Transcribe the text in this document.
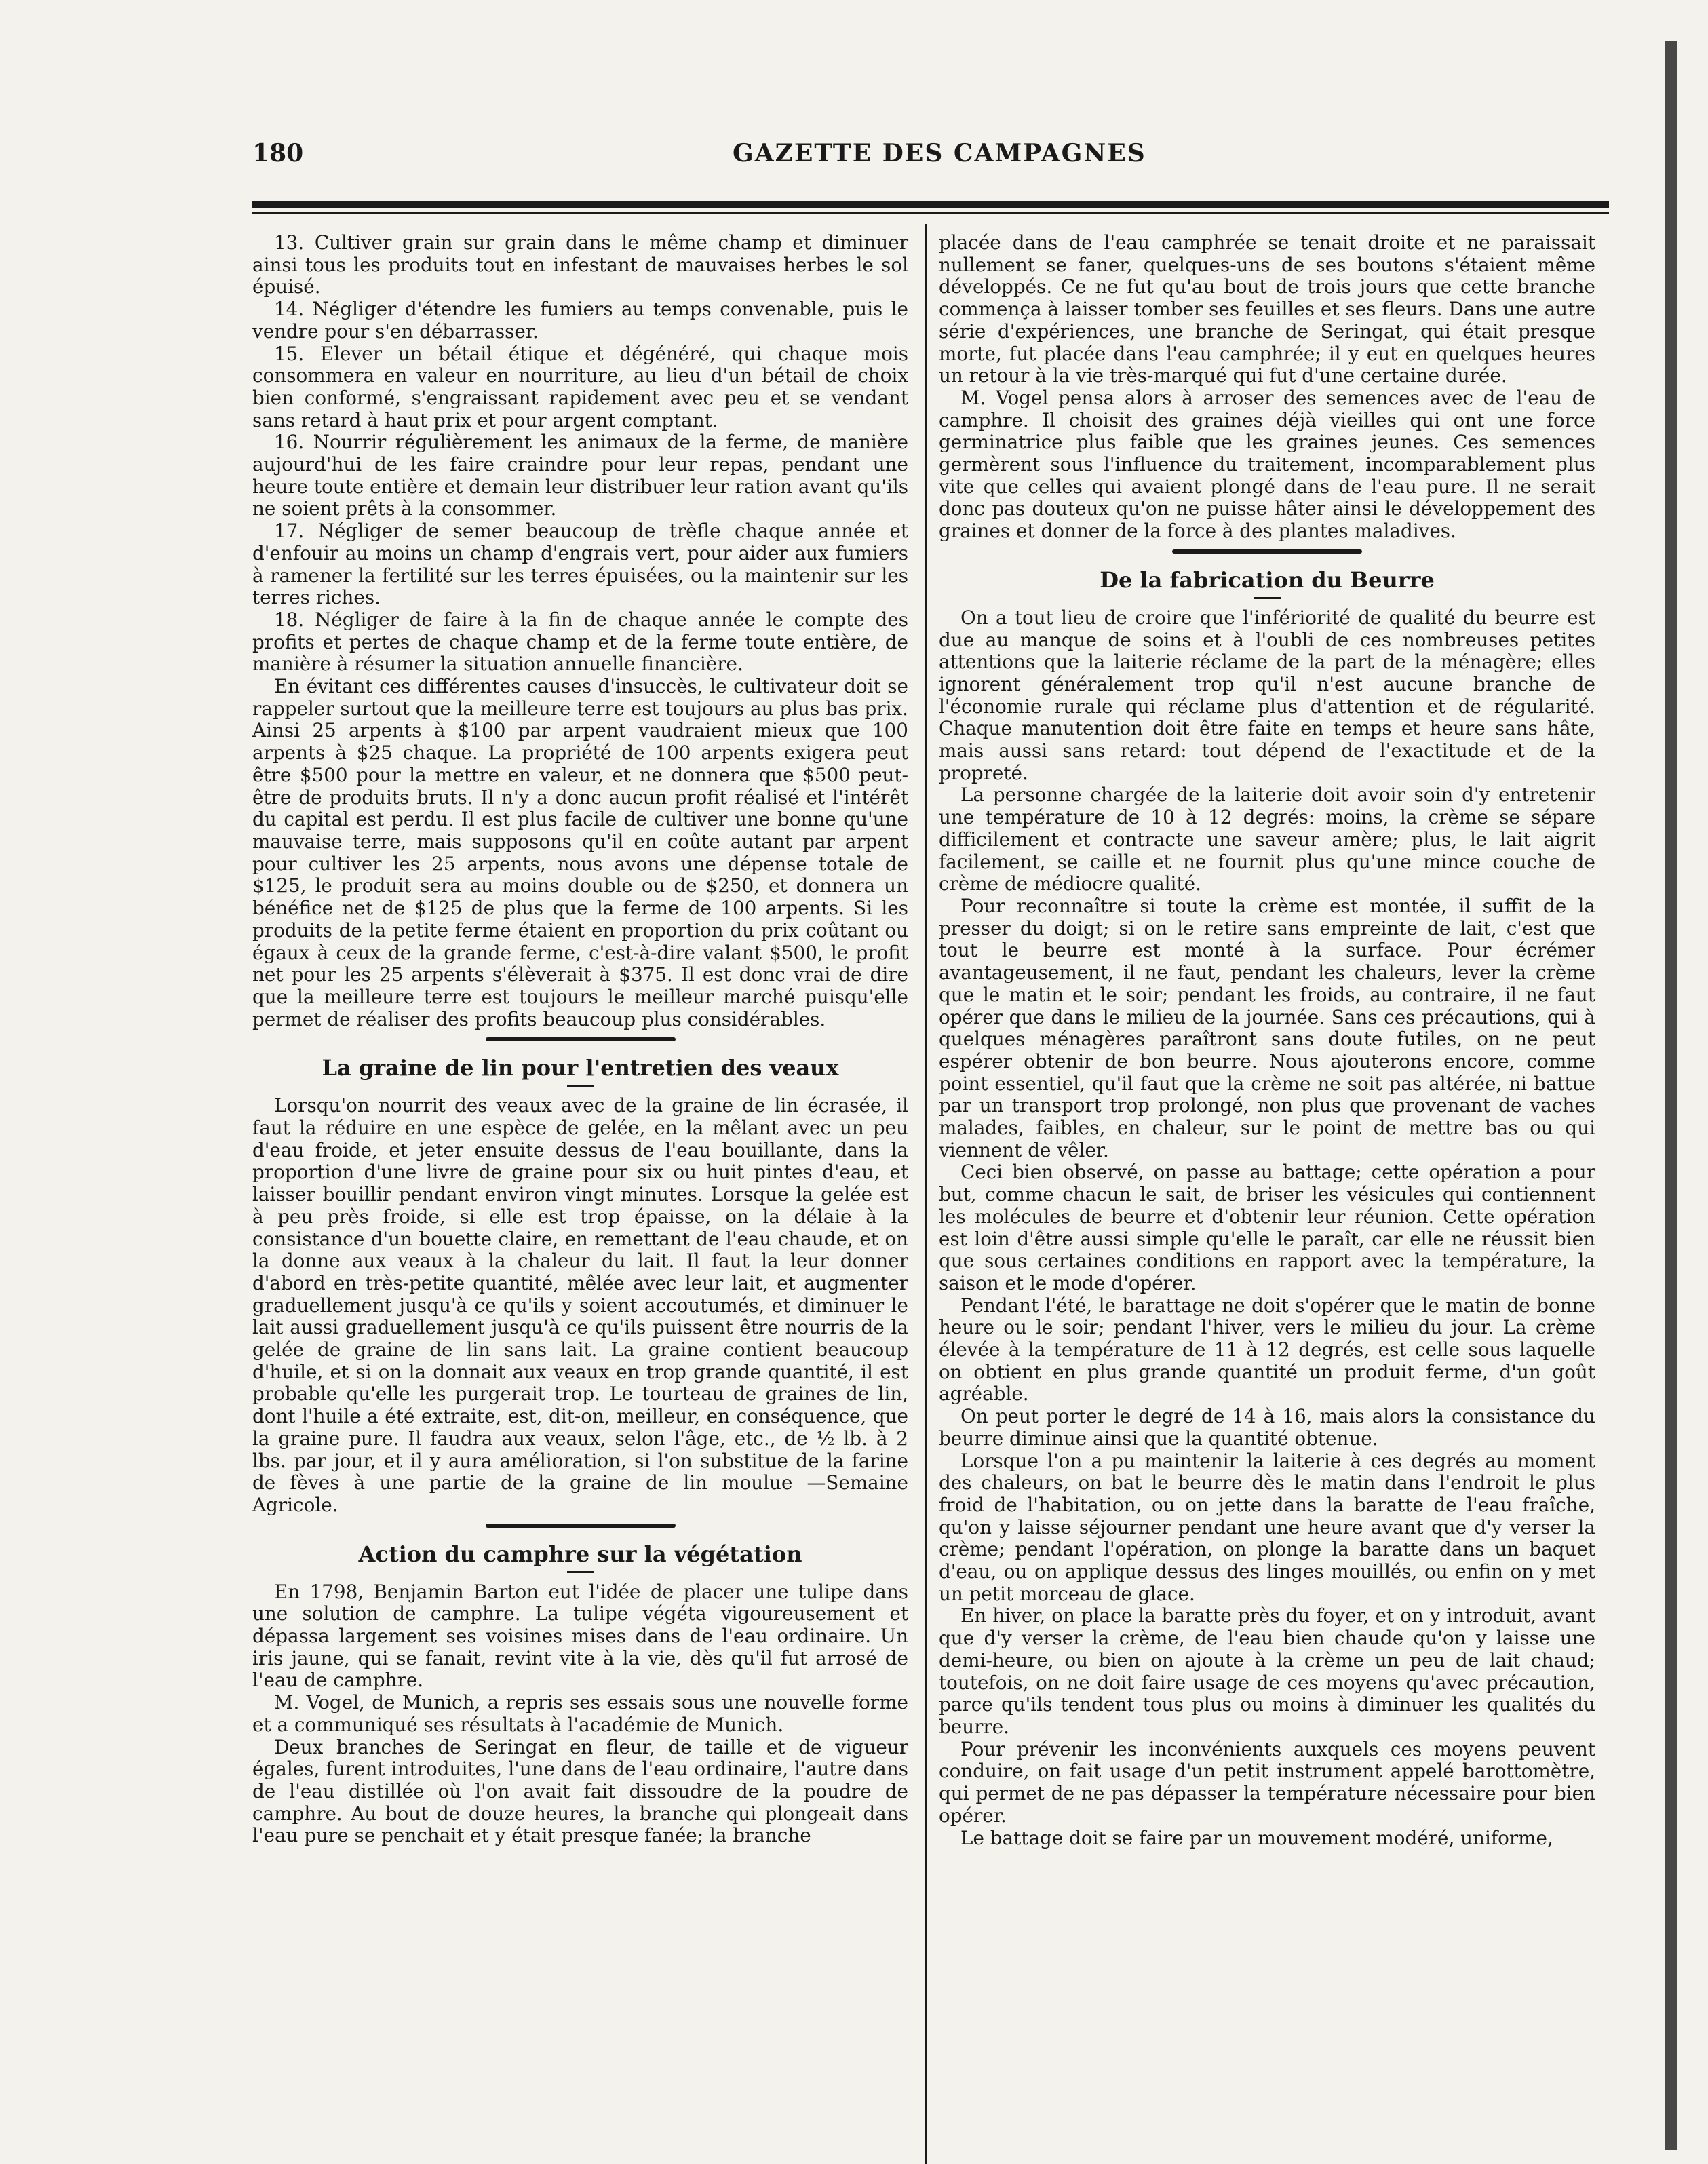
180	GAZETTE DES CAMPAGNES

13. Cultiver grain sur grain dans le même champ et diminuer ainsi tous les produits tout en infestant de mauvaises herbes le sol épuisé.

14. Négliger d'étendre les fumiers au temps convenable, puis le vendre pour s'en débarrasser.

15. Elever un bétail étique et dégénéré, qui chaque mois consommera en valeur en nourriture, au lieu d'un bétail de choix bien conformé, s'engraissant rapidement avec peu et se vendant sans retard à haut prix et pour argent comptant.

16. Nourrir régulièrement les animaux de la ferme, de manière aujourd'hui de les faire craindre pour leur repas, pendant une heure toute entière et demain leur distribuer leur ration avant qu'ils ne soient prêts à la consommer.

17. Négliger de semer beaucoup de trèfle chaque année et d'enfouir au moins un champ d'engrais vert, pour aider aux fumiers à ramener la fertilité sur les terres épuisées, ou la maintenir sur les terres riches.

18. Négliger de faire à la fin de chaque année le compte des profits et pertes de chaque champ et de la ferme toute entière, de manière à résumer la situation annuelle financière.

En évitant ces différentes causes d'insuccès, le cultivateur doit se rappeler surtout que la meilleure terre est toujours au plus bas prix. Ainsi 25 arpents à $100 par arpent vaudraient mieux que 100 arpents à $25 chaque. La propriété de 100 arpents exigera peut être $500 pour la mettre en valeur, et ne donnera que $500 peut-être de produits bruts. Il n'y a donc aucun profit réalisé et l'intérêt du capital est perdu. Il est plus facile de cultiver une bonne qu'une mauvaise terre, mais supposons qu'il en coûte autant par arpent pour cultiver les 25 arpents, nous avons une dépense totale de $125, le produit sera au moins double ou de $250, et donnera un bénéfice net de $125 de plus que la ferme de 100 arpents. Si les produits de la petite ferme étaient en proportion du prix coûtant ou égaux à ceux de la grande ferme, c'est-à-dire valant $500, le profit net pour les 25 arpents s'élèverait à $375. Il est donc vrai de dire que la meilleure terre est toujours le meilleur marché puisqu'elle permet de réaliser des profits beaucoup plus considérables.

La graine de lin pour l'entretien des veaux

Lorsqu'on nourrit des veaux avec de la graine de lin écrasée, il faut la réduire en une espèce de gelée, en la mêlant avec un peu d'eau froide, et jeter ensuite dessus de l'eau bouillante, dans la proportion d'une livre de graine pour six ou huit pintes d'eau, et laisser bouillir pendant environ vingt minutes. Lorsque la gelée est à peu près froide, si elle est trop épaisse, on la délaie à la consistance d'un bouette claire, en remettant de l'eau chaude, et on la donne aux veaux à la chaleur du lait. Il faut la leur donner d'abord en très-petite quantité, mêlée avec leur lait, et augmenter graduellement jusqu'à ce qu'ils y soient accoutumés, et diminuer le lait aussi graduellement jusqu'à ce qu'ils puissent être nourris de la gelée de graine de lin sans lait. La graine contient beaucoup d'huile, et si on la donnait aux veaux en trop grande quantité, il est probable qu'elle les purgerait trop. Le tourteau de graines de lin, dont l'huile a été extraite, est, dit-on, meilleur, en conséquence, que la graine pure. Il faudra aux veaux, selon l'âge, etc., de ½ lb. à 2 lbs. par jour, et il y aura amélioration, si l'on substitue de la farine de fèves à une partie de la graine de lin moulue —Semaine Agricole.

Action du camphre sur la végétation

En 1798, Benjamin Barton eut l'idée de placer une tulipe dans une solution de camphre. La tulipe végéta vigoureusement et dépassa largement ses voisines mises dans de l'eau ordinaire. Un iris jaune, qui se fanait, revint vite à la vie, dès qu'il fut arrosé de l'eau de camphre.

M. Vogel, de Munich, a repris ses essais sous une nouvelle forme et a communiqué ses résultats à l'académie de Munich.

Deux branches de Seringat en fleur, de taille et de vigueur égales, furent introduites, l'une dans de l'eau ordinaire, l'autre dans de l'eau distillée où l'on avait fait dissoudre de la poudre de camphre. Au bout de douze heures, la branche qui plongeait dans l'eau pure se penchait et y était presque fanée; la branche

placée dans de l'eau camphrée se tenait droite et ne paraissait nullement se faner, quelques-uns de ses boutons s'étaient même développés. Ce ne fut qu'au bout de trois jours que cette branche commença à laisser tomber ses feuilles et ses fleurs. Dans une autre série d'expériences, une branche de Seringat, qui était presque morte, fut placée dans l'eau camphrée; il y eut en quelques heures un retour à la vie très-marqué qui fut d'une certaine durée.

M. Vogel pensa alors à arroser des semences avec de l'eau de camphre. Il choisit des graines déjà vieilles qui ont une force germinatrice plus faible que les graines jeunes. Ces semences germèrent sous l'influence du traitement, incomparablement plus vite que celles qui avaient plongé dans de l'eau pure. Il ne serait donc pas douteux qu'on ne puisse hâter ainsi le développement des graines et donner de la force à des plantes maladives.

De la fabrication du Beurre

On a tout lieu de croire que l'infériorité de qualité du beurre est due au manque de soins et à l'oubli de ces nombreuses petites attentions que la laiterie réclame de la part de la ménagère; elles ignorent généralement trop qu'il n'est aucune branche de l'économie rurale qui réclame plus d'attention et de régularité. Chaque manutention doit être faite en temps et heure sans hâte, mais aussi sans retard: tout dépend de l'exactitude et de la propreté.

La personne chargée de la laiterie doit avoir soin d'y entretenir une température de 10 à 12 degrés: moins, la crème se sépare difficilement et contracte une saveur amère; plus, le lait aigrit facilement, se caille et ne fournit plus qu'une mince couche de crème de médiocre qualité.

Pour reconnaître si toute la crème est montée, il suffit de la presser du doigt; si on le retire sans empreinte de lait, c'est que tout le beurre est monté à la surface. Pour écrémer avantageusement, il ne faut, pendant les chaleurs, lever la crème que le matin et le soir; pendant les froids, au contraire, il ne faut opérer que dans le milieu de la journée. Sans ces précautions, qui à quelques ménagères paraîtront sans doute futiles, on ne peut espérer obtenir de bon beurre. Nous ajouterons encore, comme point essentiel, qu'il faut que la crème ne soit pas altérée, ni battue par un transport trop prolongé, non plus que provenant de vaches malades, faibles, en chaleur, sur le point de mettre bas ou qui viennent de vêler.

Ceci bien observé, on passe au battage; cette opération a pour but, comme chacun le sait, de briser les vésicules qui contiennent les molécules de beurre et d'obtenir leur réunion. Cette opération est loin d'être aussi simple qu'elle le paraît, car elle ne réussit bien que sous certaines conditions en rapport avec la température, la saison et le mode d'opérer.

Pendant l'été, le barattage ne doit s'opérer que le matin de bonne heure ou le soir; pendant l'hiver, vers le milieu du jour. La crème élevée à la température de 11 à 12 degrés, est celle sous laquelle on obtient en plus grande quantité un produit ferme, d'un goût agréable.

On peut porter le degré de 14 à 16, mais alors la consistance du beurre diminue ainsi que la quantité obtenue.

Lorsque l'on a pu maintenir la laiterie à ces degrés au moment des chaleurs, on bat le beurre dès le matin dans l'endroit le plus froid de l'habitation, ou on jette dans la baratte de l'eau fraîche, qu'on y laisse séjourner pendant une heure avant que d'y verser la crème; pendant l'opération, on plonge la baratte dans un baquet d'eau, ou on applique dessus des linges mouillés, ou enfin on y met un petit morceau de glace.

En hiver, on place la baratte près du foyer, et on y introduit, avant que d'y verser la crème, de l'eau bien chaude qu'on y laisse une demi-heure, ou bien on ajoute à la crème un peu de lait chaud; toutefois, on ne doit faire usage de ces moyens qu'avec précaution, parce qu'ils tendent tous plus ou moins à diminuer les qualités du beurre.

Pour prévenir les inconvénients auxquels ces moyens peuvent conduire, on fait usage d'un petit instrument appelé barottomètre, qui permet de ne pas dépasser la température nécessaire pour bien opérer.

Le battage doit se faire par un mouvement modéré, uniforme,
